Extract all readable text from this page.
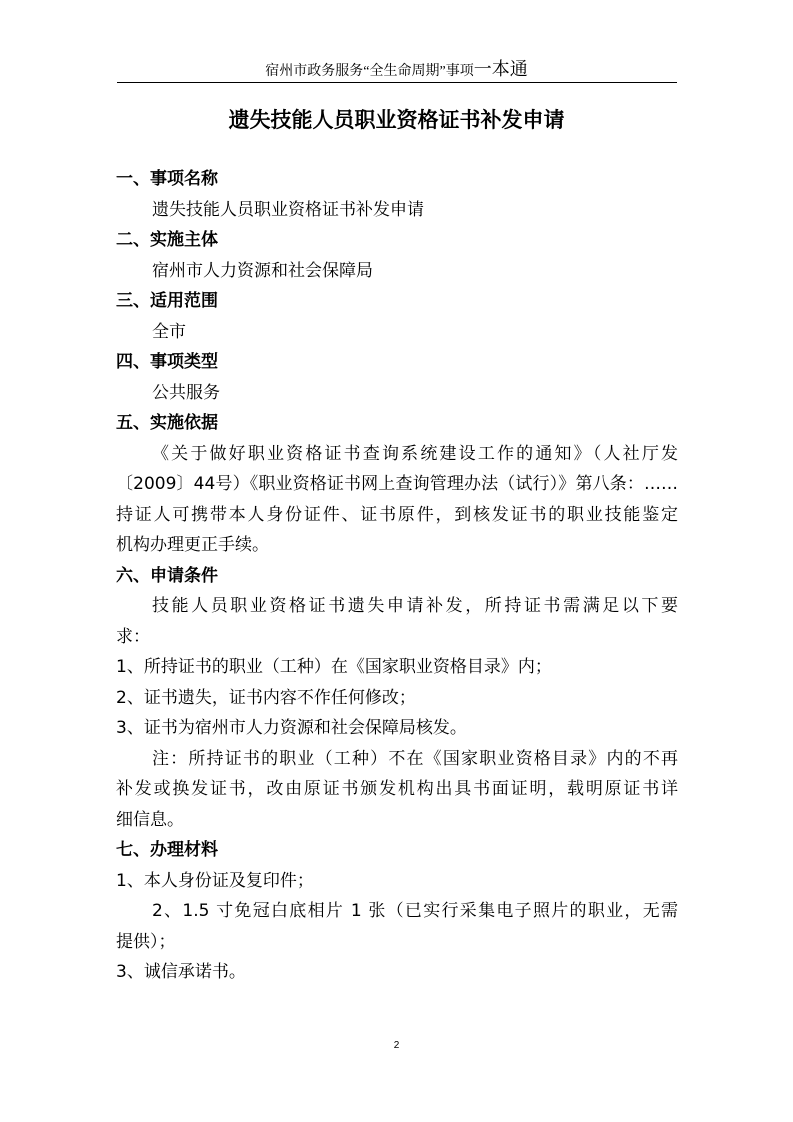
宿州市政务服务“全生命周期”事项一本通
遗失技能人员职业资格证书补发申请

一、事项名称

遗失技能人员职业资格证书补发申请

二、实施主体

宿州市人力资源和社会保障局

三、适用范围

全市

四、事项类型

公共服务

五、实施依据

《关于做好职业资格证书查询系统建设工作的通知》（人社厅发

〔2009〕44号）《职业资格证书网上查询管理办法（试行）》第八条：……

持证人可携带本人身份证件、证书原件，到核发证书的职业技能鉴定

机构办理更正手续。

六、申请条件

技能人员职业资格证书遗失申请补发，所持证书需满足以下要

求：

1、所持证书的职业（工种）在《国家职业资格目录》内；

2、证书遗失，证书内容不作任何修改；

3、证书为宿州市人力资源和社会保障局核发。

注：所持证书的职业（工种）不在《国家职业资格目录》内的不再

补发或换发证书，改由原证书颁发机构出具书面证明，载明原证书详

细信息。

七、办理材料

1、本人身份证及复印件；

2、1.5 寸免冠白底相片 1 张（已实行采集电子照片的职业，无需

提供）；

3、诚信承诺书。

2
